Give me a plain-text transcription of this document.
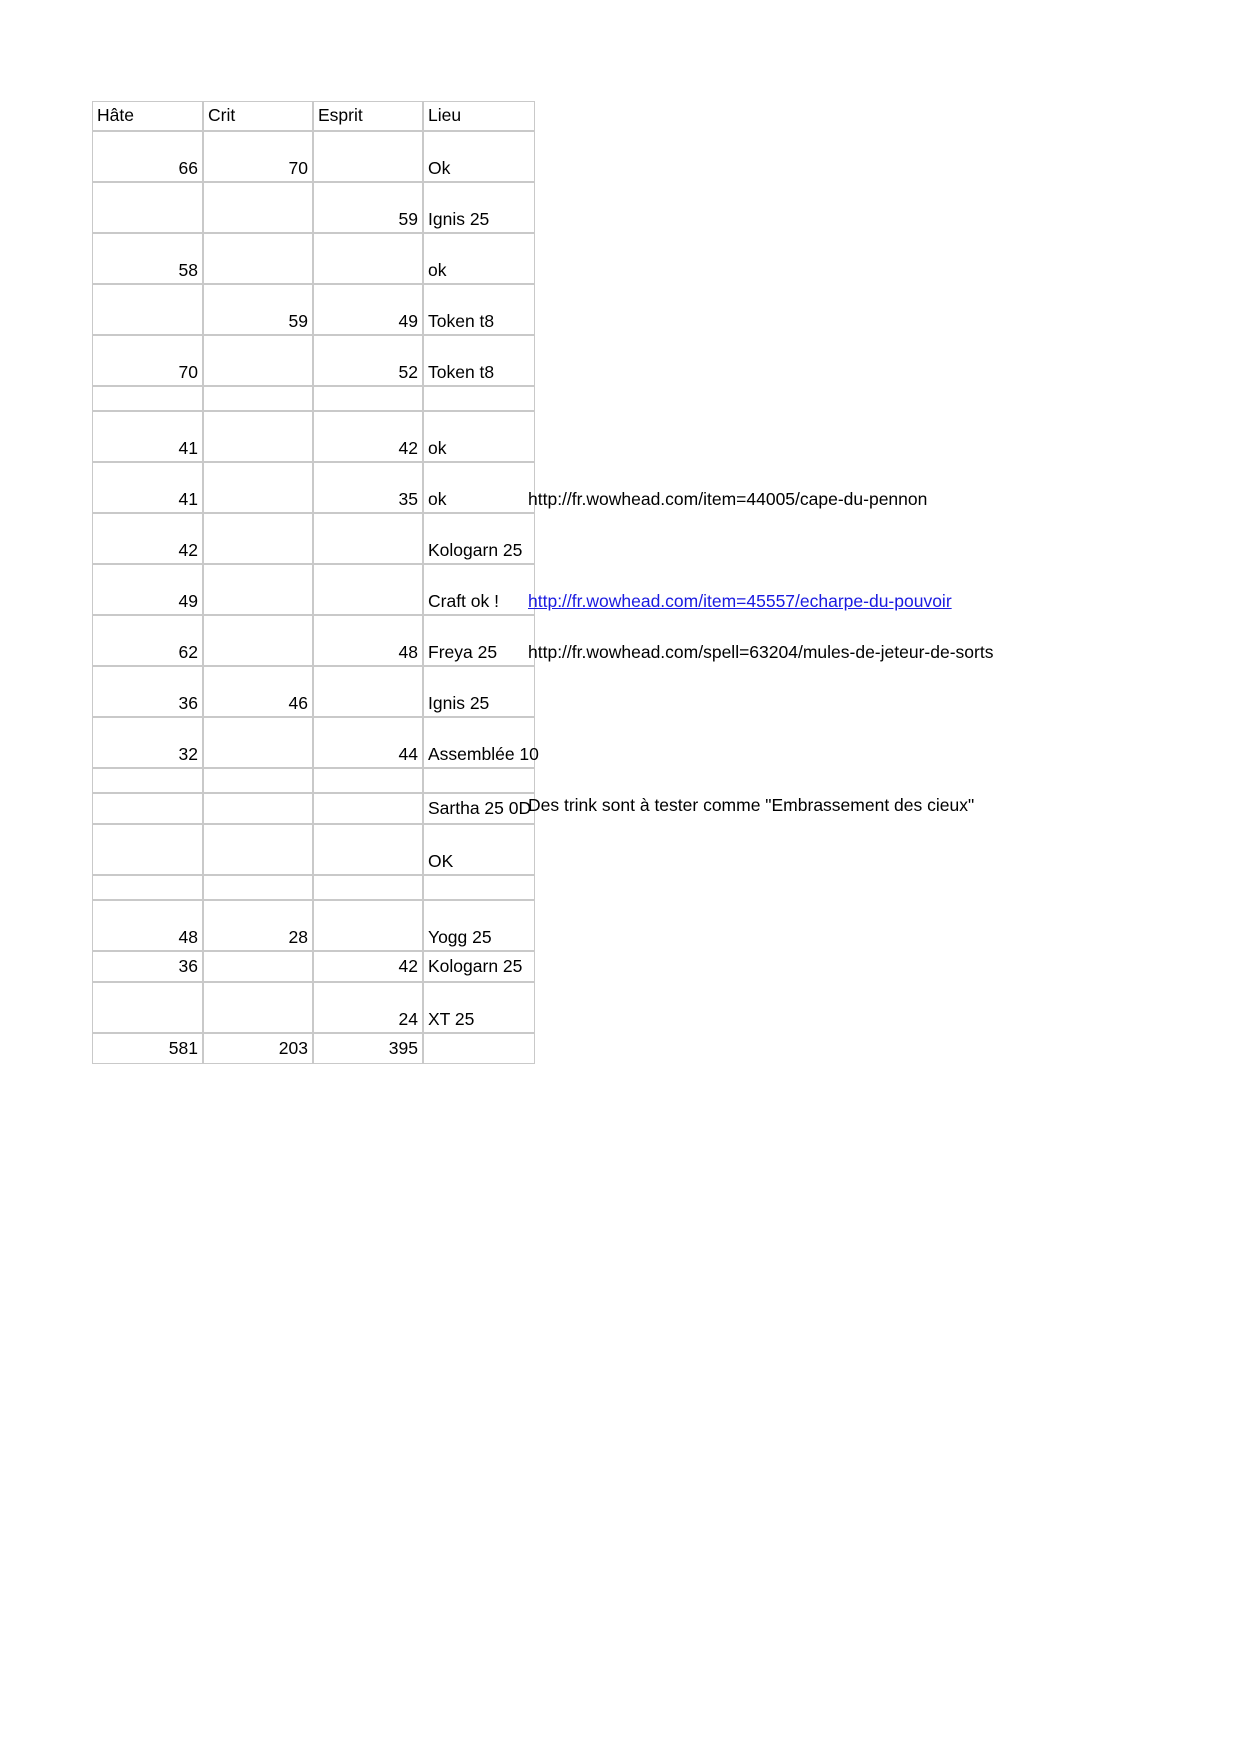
Hâte	Crit	Esprit	Lieu
66	70		Ok
		59	Ignis 25
58			ok
	59	49	Token t8
70		52	Token t8

41		42	ok
41		35	ok http://fr.wowhead.com/item=44005/cape-du-pennon

42			Kologarn 25
49			Craft ok ! http://fr.wowhead.com/item=45557/echarpe-du-pouvoir

62		48	Freya 25 http://fr.wowhead.com/spell=63204/mules-de-jeteur-de-sorts

36	46		Ignis 25
32		44	Assemblée 10

			Sartha 25 0D
Des trink sont à tester comme "Embrassement des cieux"

			OK

48	28		Yogg 25
36		42	Kologarn 25
		24	XT 25
581	203	395	
